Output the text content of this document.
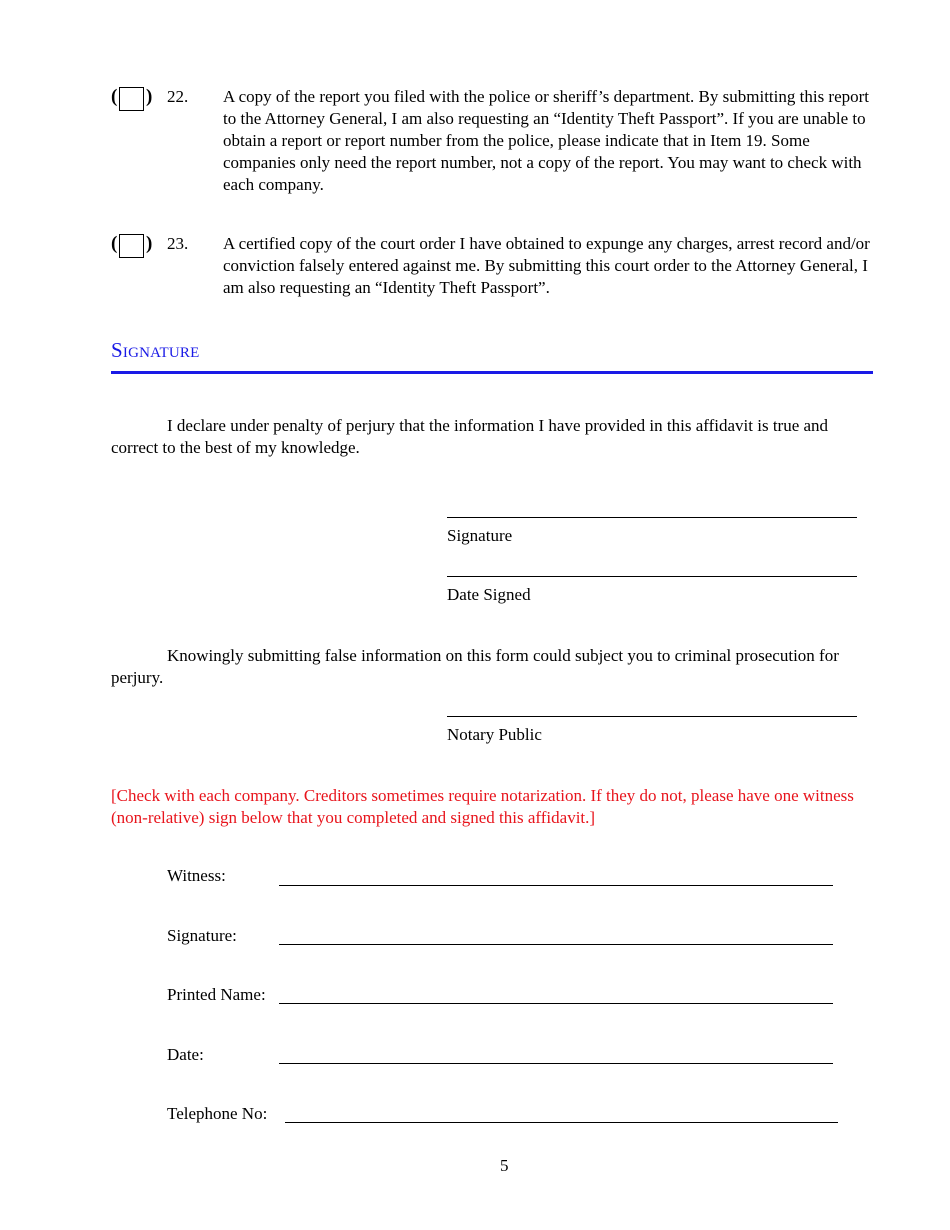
( ) 22. A copy of the report you filed with the police or sheriff’s department. By submitting this report to the Attorney General, I am also requesting an “Identity Theft Passport”. If you are unable to obtain a report or report number from the police, please indicate that in Item 19. Some companies only need the report number, not a copy of the report. You may want to check with each company.
( ) 23. A certified copy of the court order I have obtained to expunge any charges, arrest record and/or conviction falsely entered against me. By submitting this court order to the Attorney General, I am also requesting an “Identity Theft Passport”.
Signature
I declare under penalty of perjury that the information I have provided in this affidavit is true and correct to the best of my knowledge.
Signature
Date Signed
Knowingly submitting false information on this form could subject you to criminal prosecution for perjury.
Notary Public
[Check with each company. Creditors sometimes require notarization. If they do not, please have one witness (non-relative) sign below that you completed and signed this affidavit.]
Witness:
Signature:
Printed Name:
Date:
Telephone No:
5
